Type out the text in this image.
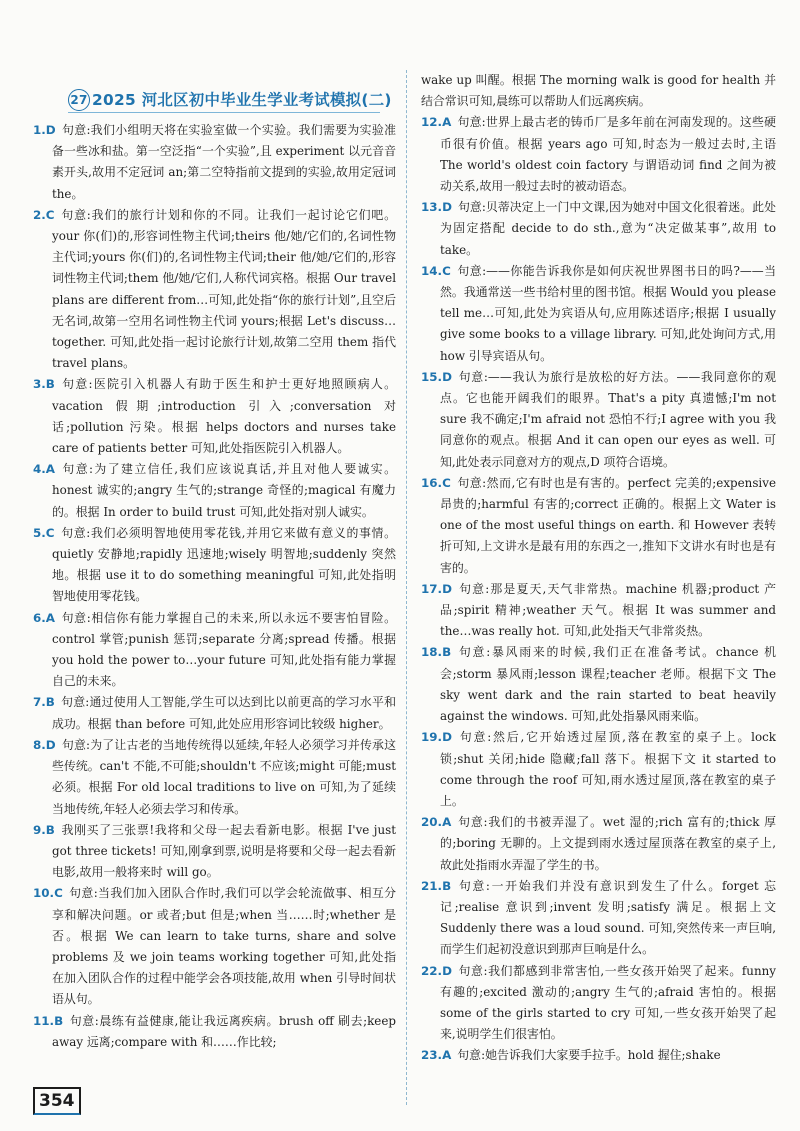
27 2025 河北区初中毕业生学业考试模拟(二)

1.D 句意:我们小组明天将在实验室做一个实验。我们需要为实验准备一些冰和盐。第一空泛指“一个实验”,且 experiment 以元音音素开头,故用不定冠词 an;第二空特指前文提到的实验,故用定冠词 the。

2.C 句意:我们的旅行计划和你的不同。让我们一起讨论它们吧。your 你(们)的,形容词性物主代词;theirs 他/她/它们的,名词性物主代词;yours 你(们)的,名词性物主代词;their 他/她/它们的,形容词性物主代词;them 他/她/它们,人称代词宾格。根据 Our travel plans are different from…可知,此处指“你的旅行计划”,且空后无名词,故第一空用名词性物主代词 yours;根据 Let's discuss…together. 可知,此处指一起讨论旅行计划,故第二空用 them 指代 travel plans。

3.B 句意:医院引入机器人有助于医生和护士更好地照顾病人。vacation 假期;introduction 引入;conversation 对话;pollution 污染。根据 helps doctors and nurses take care of patients better 可知,此处指医院引入机器人。

4.A 句意:为了建立信任,我们应该说真话,并且对他人要诚实。honest 诚实的;angry 生气的;strange 奇怪的;magical 有魔力的。根据 In order to build trust 可知,此处指对别人诚实。

5.C 句意:我们必须明智地使用零花钱,并用它来做有意义的事情。quietly 安静地;rapidly 迅速地;wisely 明智地;suddenly 突然地。根据 use it to do something meaningful 可知,此处指明智地使用零花钱。

6.A 句意:相信你有能力掌握自己的未来,所以永远不要害怕冒险。control 掌管;punish 惩罚;separate 分离;spread 传播。根据 you hold the power to…your future 可知,此处指有能力掌握自己的未来。

7.B 句意:通过使用人工智能,学生可以达到比以前更高的学习水平和成功。根据 than before 可知,此处应用形容词比较级 higher。

8.D 句意:为了让古老的当地传统得以延续,年轻人必须学习并传承这些传统。can't 不能,不可能;shouldn't 不应该;might 可能;must 必须。根据 For old local traditions to live on 可知,为了延续当地传统,年轻人必须去学习和传承。

9.B 我刚买了三张票!我将和父母一起去看新电影。根据 I've just got three tickets! 可知,刚拿到票,说明是将要和父母一起去看新电影,故用一般将来时 will go。

10.C 句意:当我们加入团队合作时,我们可以学会轮流做事、相互分享和解决问题。or 或者;but 但是;when 当……时;whether 是否。根据 We can learn to take turns, share and solve problems 及 we join teams working together 可知,此处指在加入团队合作的过程中能学会各项技能,故用 when 引导时间状语从句。

11.B 句意:晨练有益健康,能让我远离疾病。brush off 刷去;keep away 远离;compare with 和……作比较;

wake up 叫醒。根据 The morning walk is good for health 并结合常识可知,晨练可以帮助人们远离疾病。

12.A 句意:世界上最古老的铸币厂是多年前在河南发现的。这些硬币很有价值。根据 years ago 可知,时态为一般过去时,主语 The world's oldest coin factory 与谓语动词 find 之间为被动关系,故用一般过去时的被动语态。

13.D 句意:贝蒂决定上一门中文课,因为她对中国文化很着迷。此处为固定搭配 decide to do sth.,意为“决定做某事”,故用 to take。

14.C 句意:——你能告诉我你是如何庆祝世界图书日的吗?——当然。我通常送一些书给村里的图书馆。根据 Would you please tell me…可知,此处为宾语从句,应用陈述语序;根据 I usually give some books to a village library. 可知,此处询问方式,用 how 引导宾语从句。

15.D 句意:——我认为旅行是放松的好方法。——我同意你的观点。它也能开阔我们的眼界。That's a pity 真遗憾;I'm not sure 我不确定;I'm afraid not 恐怕不行;I agree with you 我同意你的观点。根据 And it can open our eyes as well. 可知,此处表示同意对方的观点,D 项符合语境。

16.C 句意:然而,它有时也是有害的。perfect 完美的;expensive 昂贵的;harmful 有害的;correct 正确的。根据上文 Water is one of the most useful things on earth. 和 However 表转折可知,上文讲水是最有用的东西之一,推知下文讲水有时也是有害的。

17.D 句意:那是夏天,天气非常热。machine 机器;product 产品;spirit 精神;weather 天气。根据 It was summer and the…was really hot. 可知,此处指天气非常炎热。

18.B 句意:暴风雨来的时候,我们正在准备考试。chance 机会;storm 暴风雨;lesson 课程;teacher 老师。根据下文 The sky went dark and the rain started to beat heavily against the windows. 可知,此处指暴风雨来临。

19.D 句意:然后,它开始透过屋顶,落在教室的桌子上。lock 锁;shut 关闭;hide 隐藏;fall 落下。根据下文 it started to come through the roof 可知,雨水透过屋顶,落在教室的桌子上。

20.A 句意:我们的书被弄湿了。wet 湿的;rich 富有的;thick 厚的;boring 无聊的。上文提到雨水透过屋顶落在教室的桌子上,故此处指雨水弄湿了学生的书。

21.B 句意:一开始我们并没有意识到发生了什么。forget 忘记;realise 意识到;invent 发明;satisfy 满足。根据上文 Suddenly there was a loud sound. 可知,突然传来一声巨响,而学生们起初没意识到那声巨响是什么。

22.D 句意:我们都感到非常害怕,一些女孩开始哭了起来。funny 有趣的;excited 激动的;angry 生气的;afraid 害怕的。根据 some of the girls started to cry 可知,一些女孩开始哭了起来,说明学生们很害怕。

23.A 句意:她告诉我们大家要手拉手。hold 握住;shake

354
